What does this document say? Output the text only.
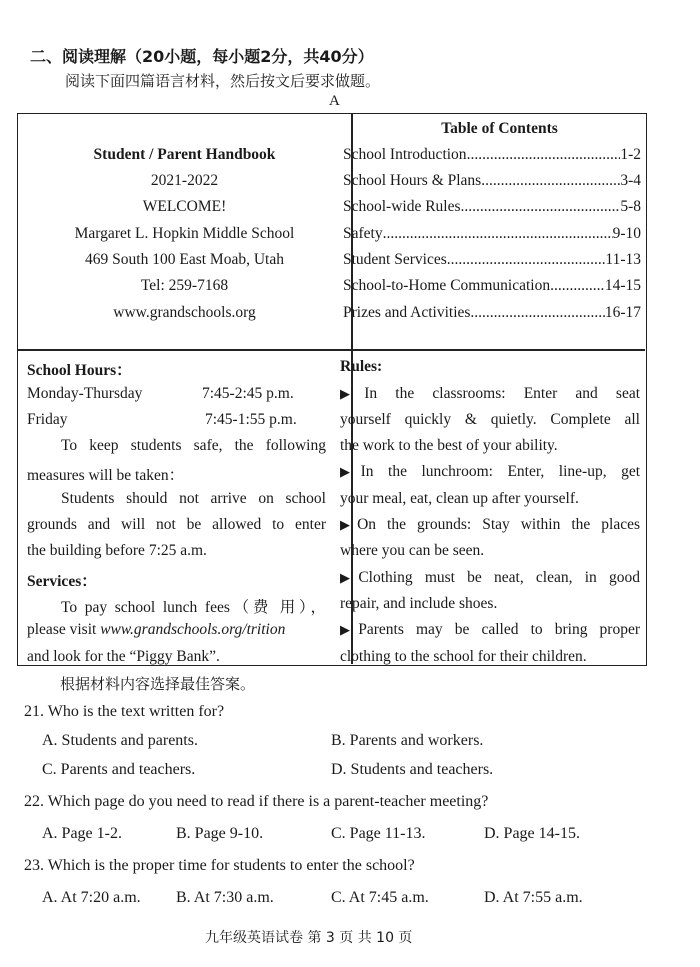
二、阅读理解（20小题，每小题2分，共40分）
阅读下面四篇语言材料，然后按文后要求做题。
A
Student / Parent Handbook
2021-2022
WELCOME!
Margaret L. Hopkin Middle School
469 South 100 East Moab, Utah
Tel: 259-7168
www.grandschools.org
Table of Contents
School Introduction .....	1-2
School Hours & Plans .....	3-4
School-wide Rules. .....	5-8
Safety .....	9-10
Student Services. .....	11-13
School-to-Home Communication .....	14-15
Prizes and Activities .....	16-17
School Hours：
Monday-Thursday	7:45-2:45 p.m.
Friday	7:45-1:55 p.m.
To keep students safe, the following
measures will be taken：
Students should not arrive on school
grounds and will not be allowed to enter
the building before 7:25 a.m.
Services：
To pay school lunch fees（费 用），
please visit www.grandschools.org/trition
and look for the “Piggy Bank”.
Rules:
▶In the classrooms: Enter and seat
yourself quickly & quietly. Complete all
the work to the best of your ability.
▶In the lunchroom: Enter, line-up, get
your meal, eat, clean up after yourself.
▶On the grounds: Stay within the places
where you can be seen.
▶Clothing must be neat, clean, in good
repair, and include shoes.
▶Parents may be called to bring proper
clothing to the school for their children.
根据材料内容选择最佳答案。
21. Who is the text written for?
A. Students and parents.	B. Parents and workers.
C. Parents and teachers.	D. Students and teachers.
22. Which page do you need to read if there is a parent-teacher meeting?
A. Page 1-2.	B. Page 9-10.	C. Page 11-13.	D. Page 14-15.
23. Which is the proper time for students to enter the school?
A. At 7:20 a.m. B. At 7:30 a.m.	C. At 7:45 a.m.	D. At 7:55 a.m.
九年级英语试卷 第 3 页 共 10 页
